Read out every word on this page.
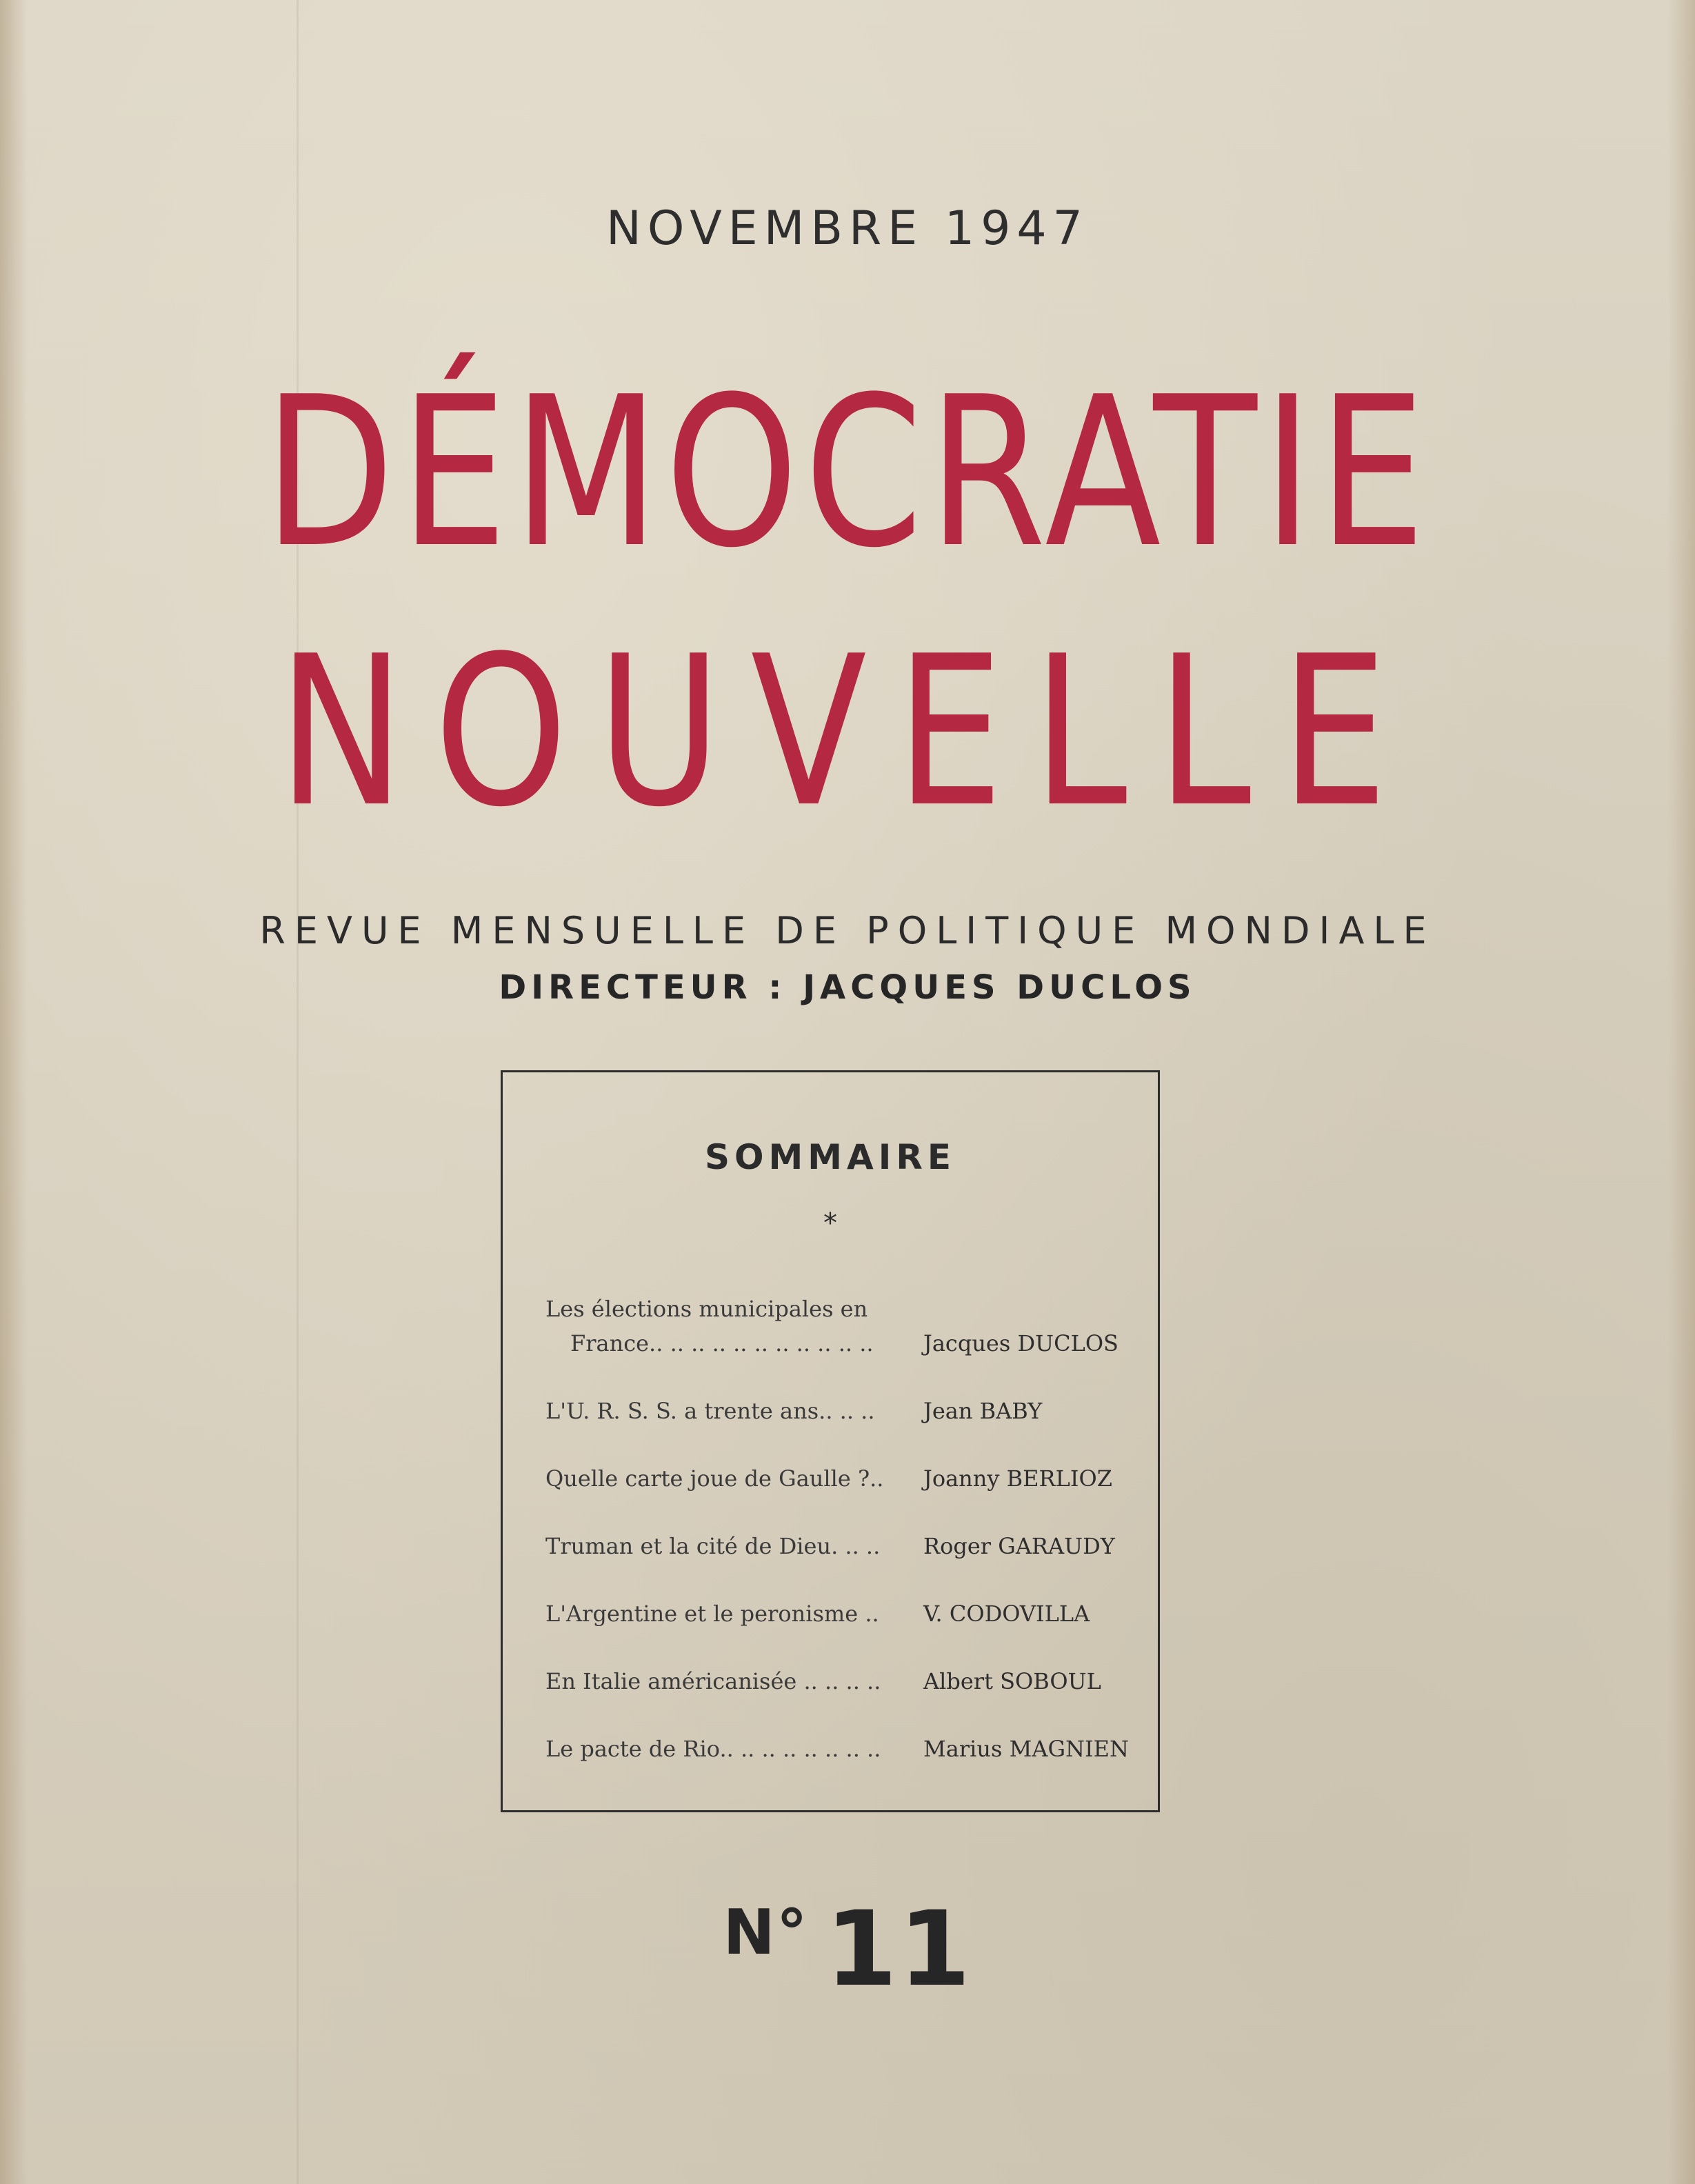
NOVEMBRE 1947
DÉMOCRATIE
NOUVELLE
REVUE MENSUELLE DE POLITIQUE MONDIALE
DIRECTEUR : JACQUES DUCLOS
SOMMAIRE
*
Les élections municipales en
France.. .. .. .. .. .. .. .. .. .. ..	Jacques DUCLOS
L'U. R. S. S. a trente ans.. .. ..	Jean BABY
Quelle carte joue de Gaulle ?..	Joanny BERLIOZ
Truman et la cité de Dieu. .. ..	Roger GARAUDY
L'Argentine et le peronisme ..	V. CODOVILLA
En Italie américanisée .. .. .. ..	Albert SOBOUL
Le pacte de Rio.. .. .. .. .. .. .. ..	Marius MAGNIEN
$^{N^\circ}$ 11
